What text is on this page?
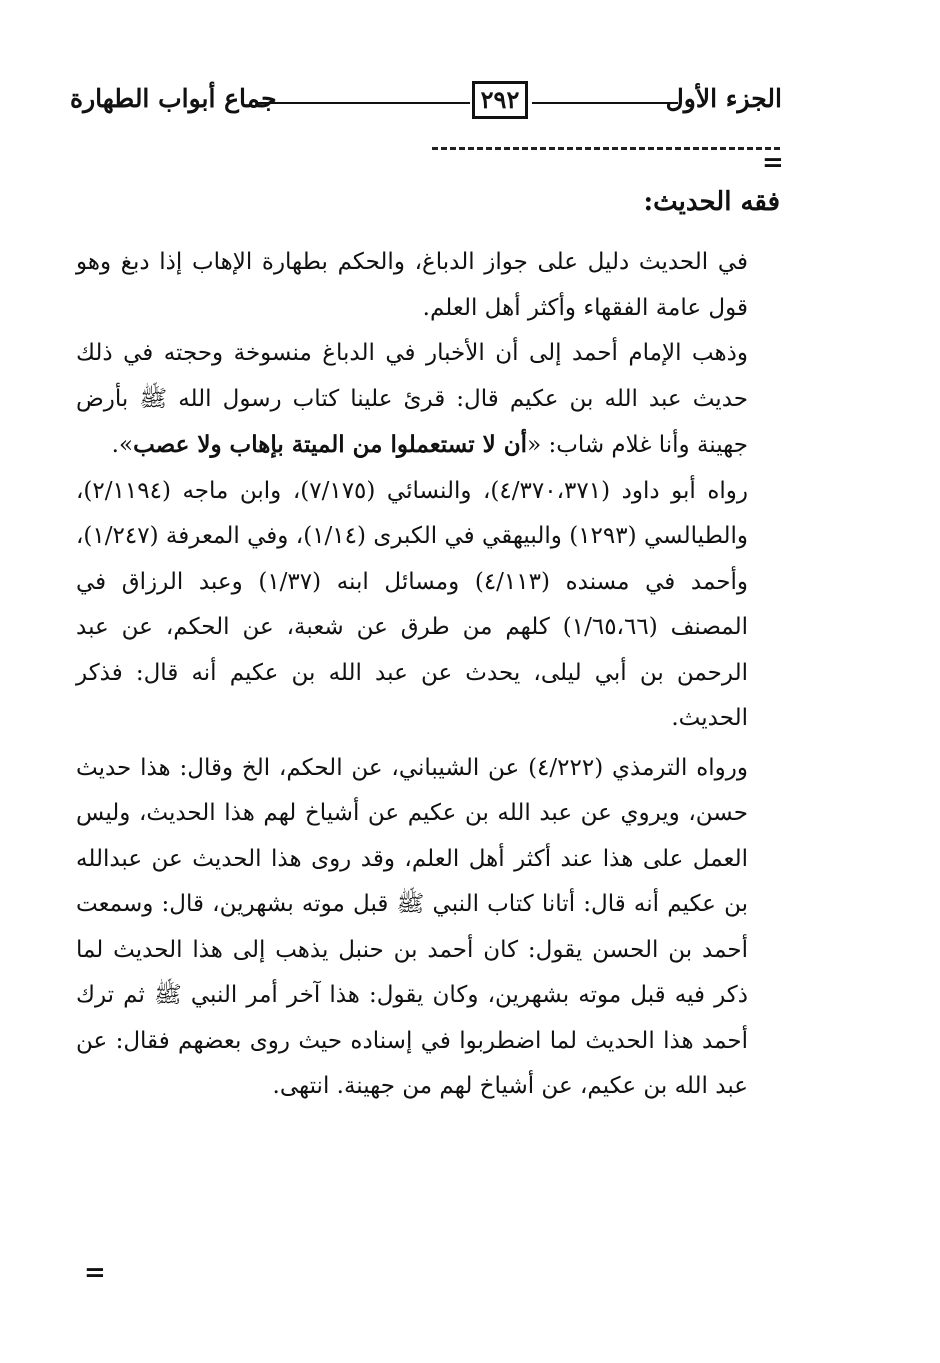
جماع أبواب الطهارة	٢٩٢	الجزء الأول
=
فقه الحديث:

في الحديث دليل على جواز الدباغ، والحكم بطهارة الإهاب إذا دبغ وهو قول عامة الفقهاء وأكثر أهل العلم.

وذهب الإمام أحمد إلى أن الأخبار في الدباغ منسوخة وحجته في ذلك حديث عبد الله بن عكيم قال: قرئ علينا كتاب رسول الله ﷺ بأرض جهينة وأنا غلام شاب: «أن لا تستعملوا من الميتة بإهاب ولا عصب».

رواه أبو داود (٤/٣٧٠،٣٧١)، والنسائي (٧/١٧٥)، وابن ماجه (٢/١١٩٤)، والطيالسي (١٢٩٣) والبيهقي في الكبرى (١/١٤)، وفي المعرفة (١/٢٤٧)، وأحمد في مسنده (٤/١١٣) ومسائل ابنه (١/٣٧) وعبد الرزاق في المصنف (١/٦٥،٦٦) كلهم من طرق عن شعبة، عن الحكم، عن عبد الرحمن بن أبي ليلى، يحدث عن عبد الله بن عكيم أنه قال: فذكر الحديث.

ورواه الترمذي (٤/٢٢٢) عن الشيباني، عن الحكم، الخ وقال: هذا حديث حسن، ويروي عن عبد الله بن عكيم عن أشياخ لهم هذا الحديث، وليس العمل على هذا عند أكثر أهل العلم، وقد روى هذا الحديث عن عبدالله بن عكيم أنه قال: أتانا كتاب النبي ﷺ قبل موته بشهرين، قال: وسمعت أحمد بن الحسن يقول: كان أحمد بن حنبل يذهب إلى هذا الحديث لما ذكر فيه قبل موته بشهرين، وكان يقول: هذا آخر أمر النبي ﷺ ثم ترك أحمد هذا الحديث لما اضطربوا في إسناده حيث روى بعضهم فقال: عن عبد الله بن عكيم، عن أشياخ لهم من جهينة. انتهى.

=
